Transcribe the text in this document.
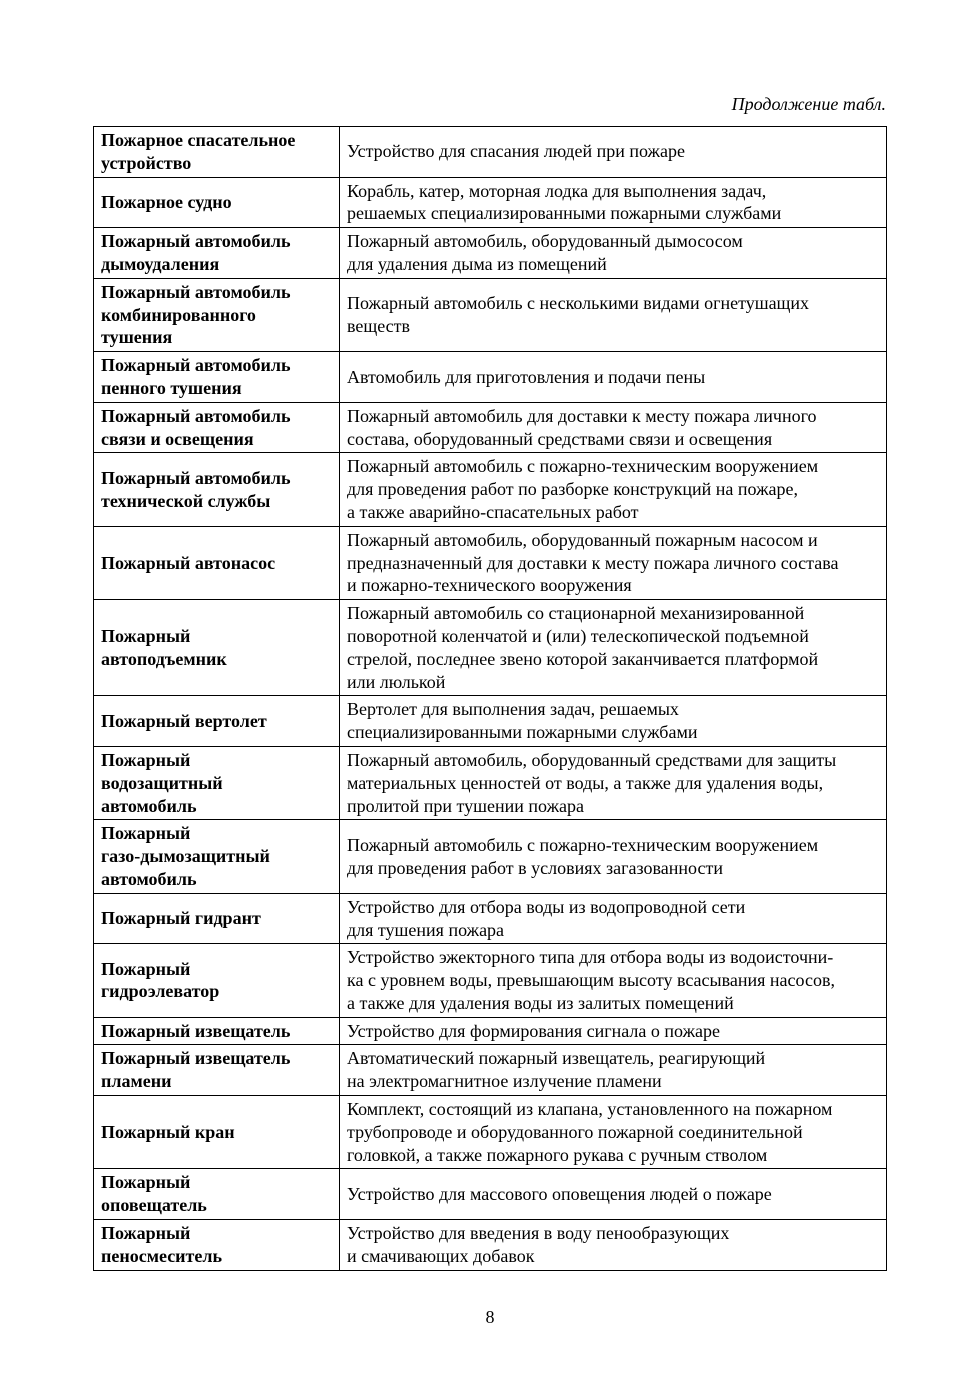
Продолжение табл.
Пожарное спасательное
устройство	Устройство для спасания людей при пожаре

Пожарное судно	Корабль, катер, моторная лодка для выполнения задач,
решаемых специализированными пожарными службами

Пожарный автомобиль
дымоудаления	Пожарный автомобиль, оборудованный дымососом
для удаления дыма из помещений

Пожарный автомобиль
комбинированного
тушения	Пожарный автомобиль с несколькими видами огнетушащих
веществ

Пожарный автомобиль
пенного тушения	Автомобиль для приготовления и подачи пены

Пожарный автомобиль
связи и освещения	Пожарный автомобиль для доставки к месту пожара личного
состава, оборудованный средствами связи и освещения

Пожарный автомобиль
технической службы	Пожарный автомобиль с пожарно-техническим вооружением
для проведения работ по разборке конструкций на пожаре,
а также аварийно-спасательных работ

Пожарный автонасос	Пожарный автомобиль, оборудованный пожарным насосом и
предназначенный для доставки к месту пожара личного состава
и пожарно-технического вооружения

Пожарный
автоподъемник	Пожарный автомобиль со стационарной механизированной
поворотной коленчатой и (или) телескопической подъемной
стрелой, последнее звено которой заканчивается платформой
или люлькой

Пожарный вертолет	Вертолет для выполнения задач, решаемых
специализированными пожарными службами

Пожарный
водозащитный
автомобиль	Пожарный автомобиль, оборудованный средствами для защиты
материальных ценностей от воды, а также для удаления воды,
пролитой при тушении пожара

Пожарный
газо-дымозащитный
автомобиль	Пожарный автомобиль с пожарно-техническим вооружением
для проведения работ в условиях загазованности

Пожарный гидрант	Устройство для отбора воды из водопроводной сети
для тушения пожара

Пожарный
гидроэлеватор	Устройство эжекторного типа для отбора воды из водоисточни-
ка с уровнем воды, превышающим высоту всасывания насосов,
а также для удаления воды из залитых помещений

Пожарный извещатель	Устройство для формирования сигнала о пожаре

Пожарный извещатель
пламени	Автоматический пожарный извещатель, реагирующий
на электромагнитное излучение пламени

Пожарный кран	Комплект, состоящий из клапана, установленного на пожарном
трубопроводе и оборудованного пожарной соединительной
головкой, а также пожарного рукава с ручным стволом

Пожарный
оповещатель	Устройство для массового оповещения людей о пожаре

Пожарный
пеносмеситель	Устройство для введения в воду пенообразующих
и смачивающих добавок
8
